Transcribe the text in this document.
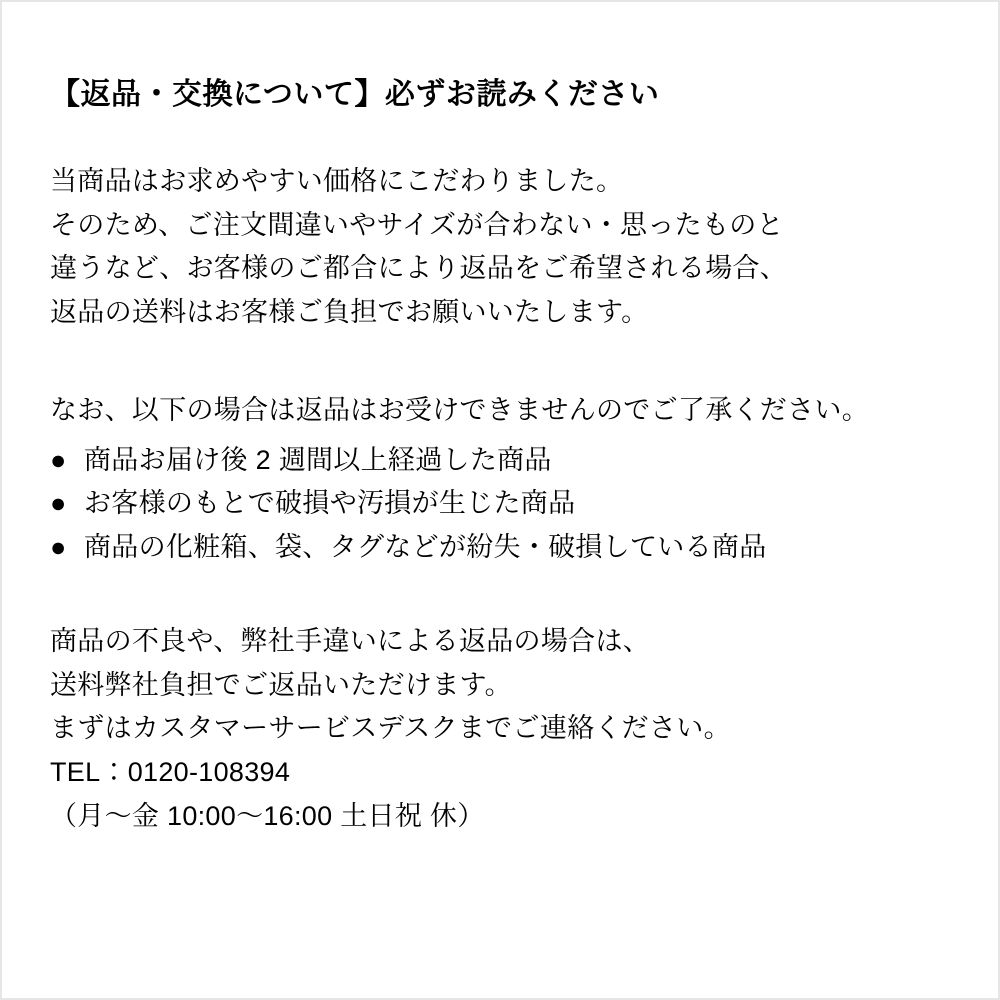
【返品・交換について】必ずお読みください

当商品はお求めやすい価格にこだわりました。
そのため、ご注文間違いやサイズが合わない・思ったものと
違うなど、お客様のご都合により返品をご希望される場合、
返品の送料はお客様ご負担でお願いいたします。

なお、以下の場合は返品はお受けできませんのでご了承ください。

● 商品お届け後 2 週間以上経過した商品
● お客様のもとで破損や汚損が生じた商品
● 商品の化粧箱、袋、タグなどが紛失・破損している商品

商品の不良や、弊社手違いによる返品の場合は、
送料弊社負担でご返品いただけます。
まずはカスタマーサービスデスクまでご連絡ください。
TEL：0120-108394
（月〜金 10:00〜16:00 土日祝 休）
